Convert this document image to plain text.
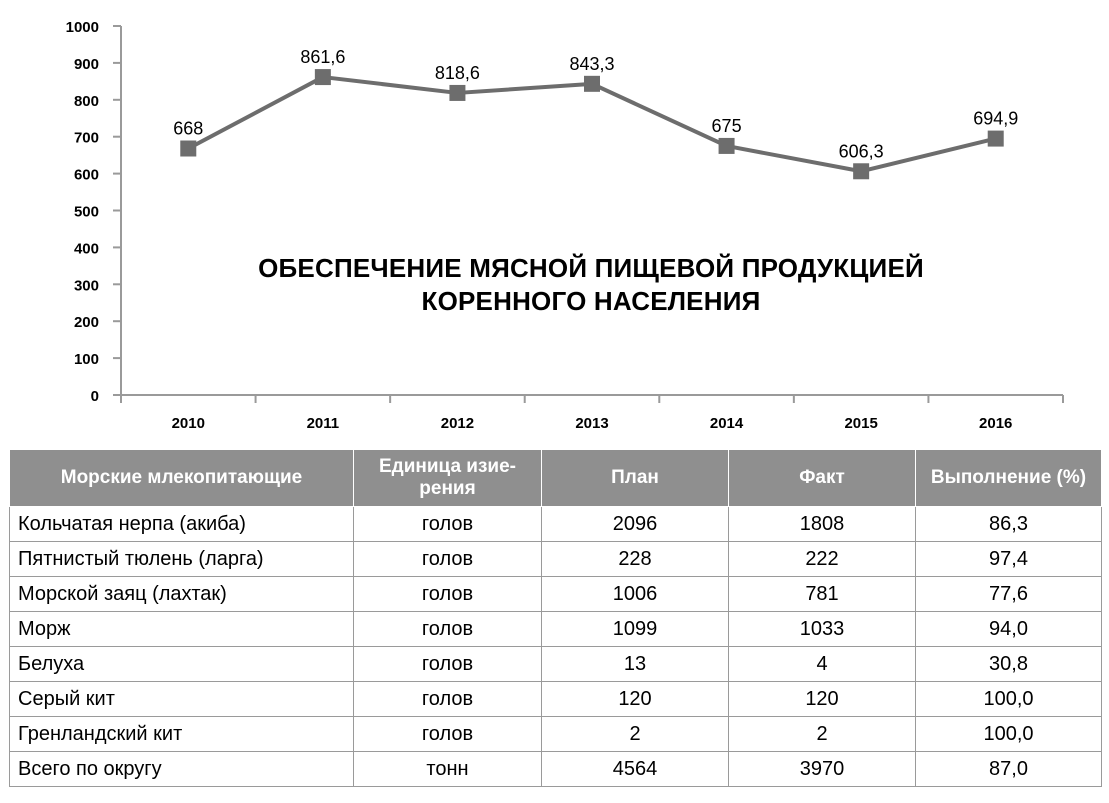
0
100
200
300
400
500
600
700
800
900
1000
2010	2011	2012	2013	2014	2015	2016
668
861,6
818,6	843,3
675
606,3
694,9
ОБЕСПЕЧЕНИЕ МЯСНОЙ ПИЩЕВОЙ ПРОДУКЦИЕЙ
КОРЕННОГО НАСЕЛЕНИЯ
Морские млекопитающие	Единица изие-рения	План	Факт	Выполнение (%)
Кольчатая нерпа (акиба)	голов	2096	1808	86,3
Пятнистый тюлень (ларга)	голов	228	222	97,4
Морской заяц (лахтак)	голов	1006	781	77,6
Морж	голов	1099	1033	94,0
Белуха	голов	13	4	30,8
Серый кит	голов	120	120	100,0
Гренландский кит	голов	2	2	100,0
Всего по округу	тонн	4564	3970	87,0
